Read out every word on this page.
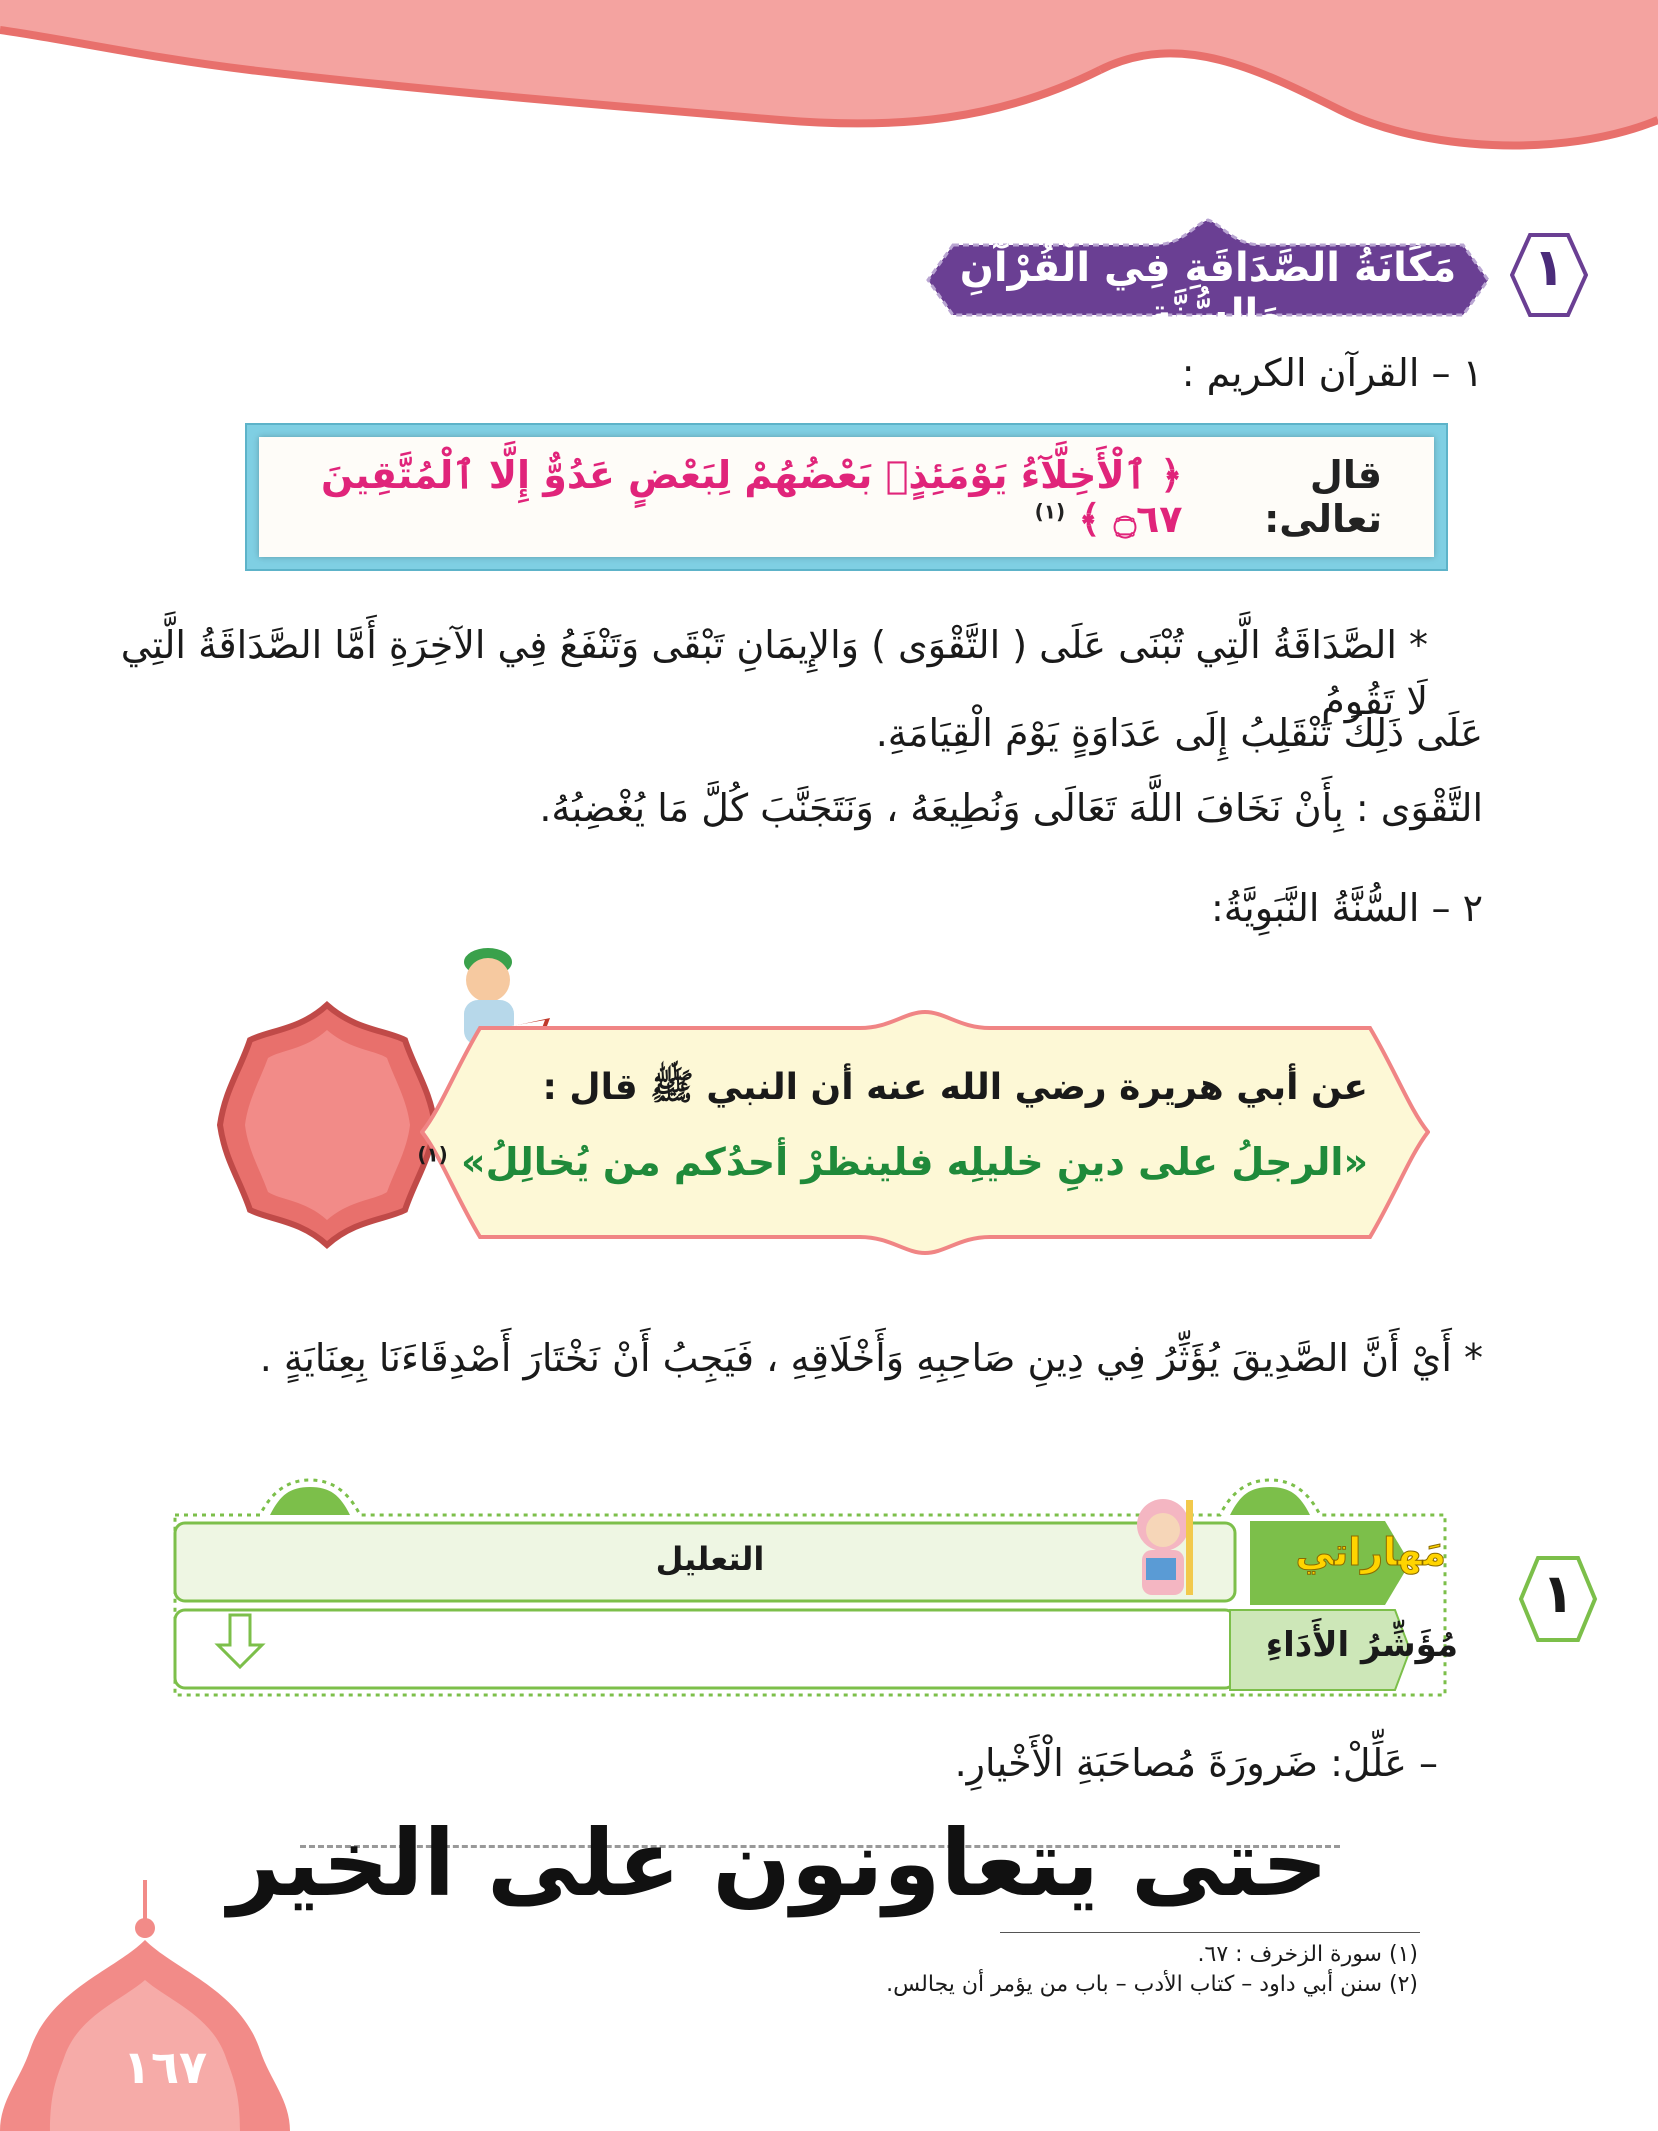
١
مَكَانَةُ الصَّدَاقَةِ فِي الْقُرْآنِ وَالسُّنَّةِ.
١ – القرآن الكريم :
قال تعالى:
﴿ ٱلْأَخِلَّآءُ يَوْمَئِذٍۭ بَعْضُهُمْ لِبَعْضٍ عَدُوٌّ إِلَّا ٱلْمُتَّقِينَ ۝٦٧ ﴾ $^{(١)}$
* الصَّدَاقَةُ الَّتِي تُبْنَى عَلَى ( التَّقْوَى ) وَالإِيمَانِ تَبْقَى وَتَنْفَعُ فِي الآخِرَةِ أَمَّا الصَّدَاقَةُ الَّتِي لَا تَقُومُ
عَلَى ذَلِكَ تَنْقَلِبُ إِلَى عَدَاوَةٍ يَوْمَ الْقِيَامَةِ.
التَّقْوَى : بِأَنْ نَخَافَ اللَّهَ تَعَالَى وَنُطِيعَهُ ، وَنَتَجَنَّبَ كُلَّ مَا يُغْضِبُهُ.
٢ – السُّنَّةُ النَّبَوِيَّةُ:
عن أبي هريرة رضي الله عنه أن النبي ﷺ قال :
«الرجلُ على دينِ خليلِه فلينظرْ أحدُكم من يُخالِلُ» $^{(١)}$
* أَيْ أَنَّ الصَّدِيقَ يُؤَثِّرُ فِي دِينِ صَاحِبِهِ وَأَخْلَاقِهِ ، فَيَجِبُ أَنْ نَخْتَارَ أَصْدِقَاءَنَا بِعِنَايَةٍ .
١
مَهاراتي
مُؤَشِّرُ الأَدَاءِ
التعليل
– عَلِّلْ: ضَرورَةَ مُصاحَبَةِ الْأَخْيارِ.
حتى يتعاونون على الخير
(١) سورة الزخرف : ٦٧.
(٢) سنن أبي داود – كتاب الأدب – باب من يؤمر أن يجالس.
١٦٧
